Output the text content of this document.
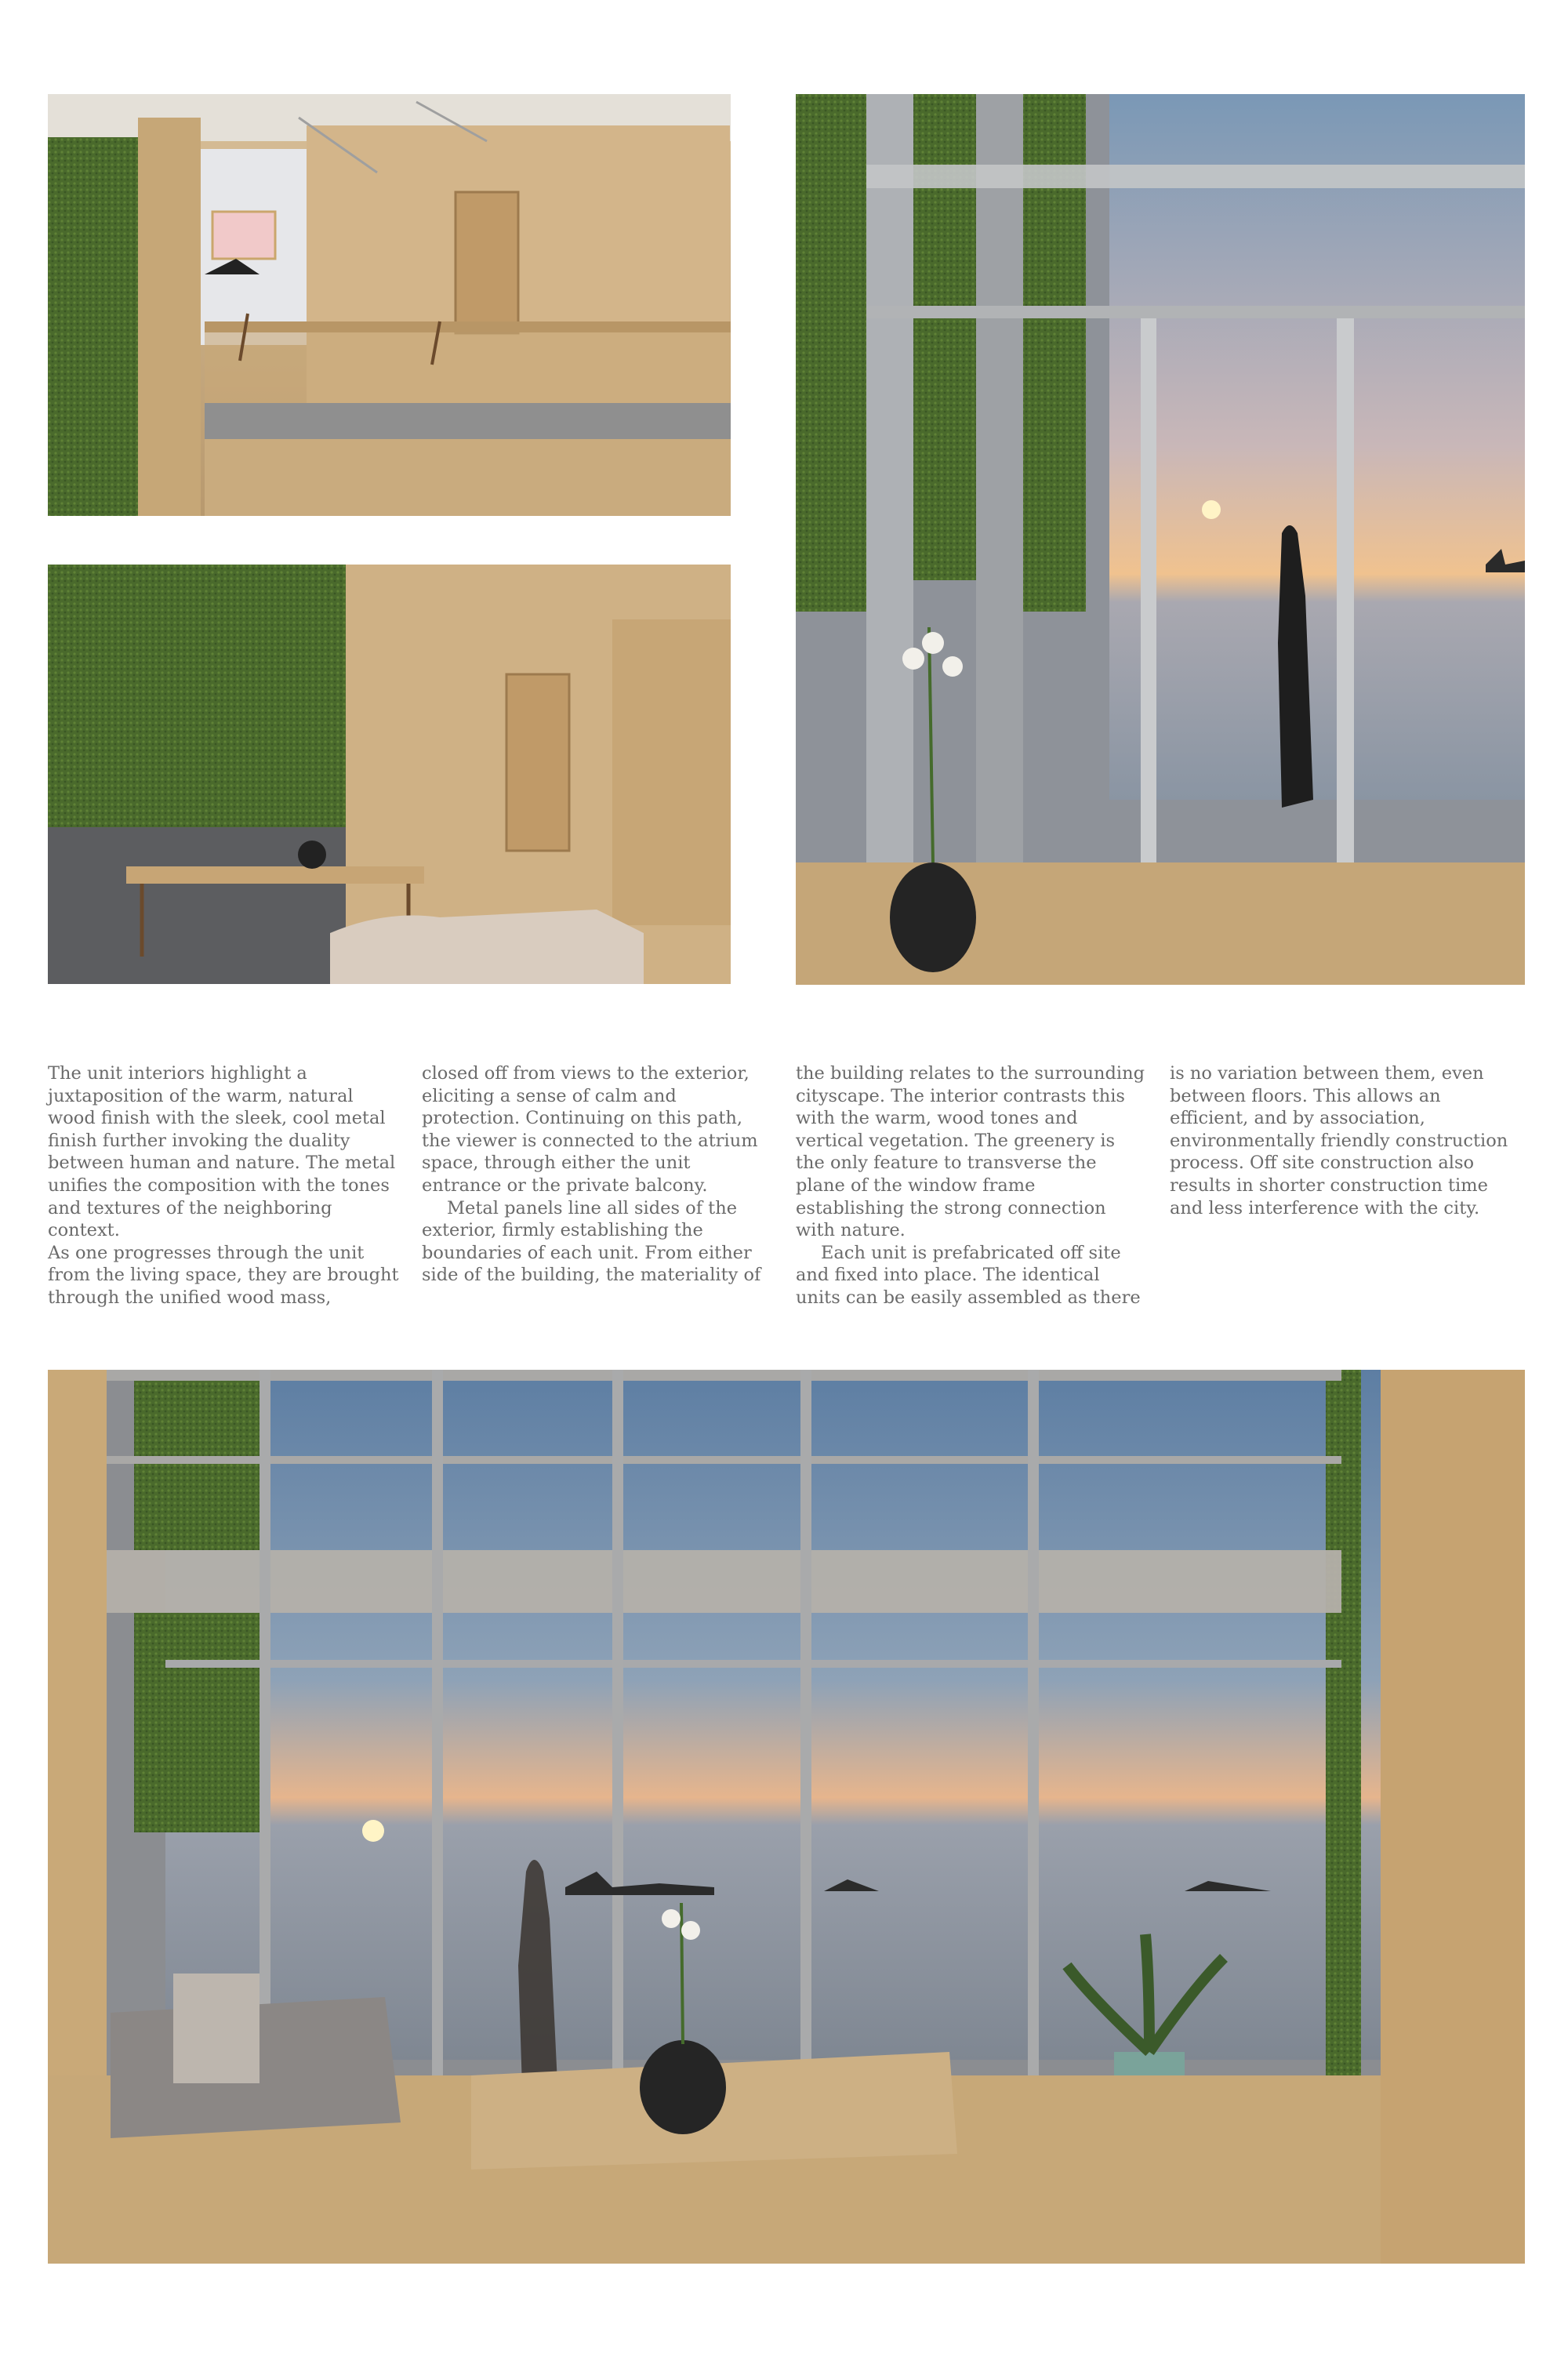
The unit interiors highlight a juxtaposition of the warm, natural wood finish with the sleek, cool metal finish further invoking the duality between human and nature. The metal unifies the composition with the tones and textures of the neighboring context.

As one progresses through the unit from the living space, they are brought through the unified wood mass,

closed off from views to the exterior, eliciting a sense of calm and protection. Continuing on this path, the viewer is connected to the atrium space, through either the unit entrance or the private balcony.

Metal panels line all sides of the exterior, firmly establishing the boundaries of each unit. From either side of the building, the materiality of

the building relates to the surrounding cityscape. The interior contrasts this with the warm, wood tones and vertical vegetation. The greenery is the only feature to transverse the plane of the window frame establishing the strong connection with nature.

Each unit is prefabricated off site and fixed into place. The identical units can be easily assembled as there

is no variation between them, even between floors. This allows an efficient, and by association, environmentally friendly construction process. Off site construction also results in shorter construction time and less interference with the city.
